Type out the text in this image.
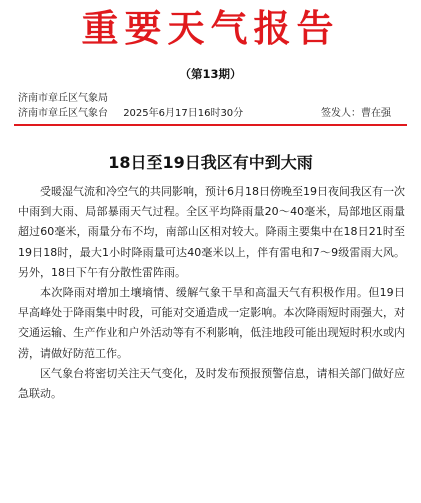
重要天气报告
（第13期）
济南市章丘区气象局
济南市章丘区气象台 2025年6月17日16时30分	签发人：曹在强
18日至19日我区有中到大雨

受暖湿气流和冷空气的共同影响，预计6月18日傍晚至19日夜间我区有一次中雨到大雨、局部暴雨天气过程。全区平均降雨量20～40毫米，局部地区雨量超过60毫米，雨量分布不均，南部山区相对较大。降雨主要集中在18日21时至19日18时，最大1小时降雨量可达40毫米以上，伴有雷电和7～9级雷雨大风。另外，18日下午有分散性雷阵雨。

本次降雨对增加土壤墒情、缓解气象干旱和高温天气有积极作用。但19日早高峰处于降雨集中时段，可能对交通造成一定影响。本次降雨短时雨强大，对交通运输、生产作业和户外活动等有不利影响，低洼地段可能出现短时积水或内涝，请做好防范工作。

区气象台将密切关注天气变化，及时发布预报预警信息，请相关部门做好应急联动。
